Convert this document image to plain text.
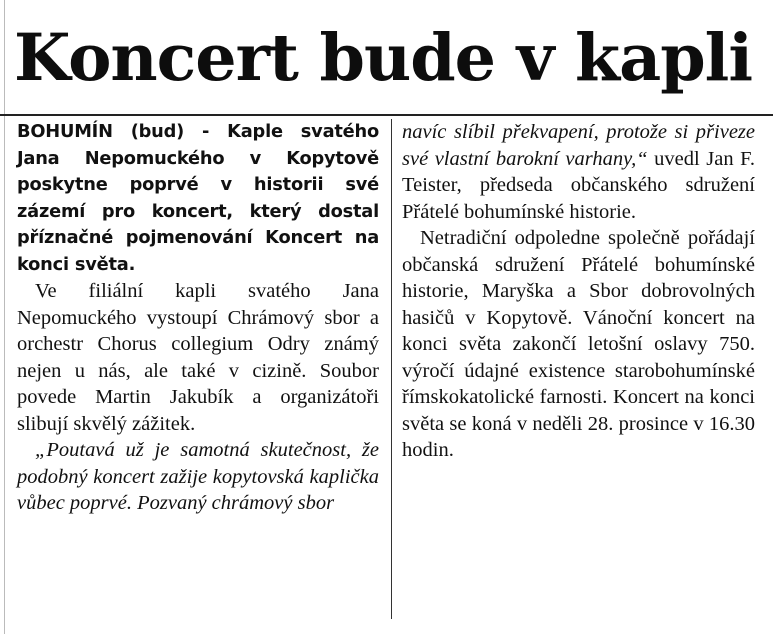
Koncert bude v kapli

BOHUMÍN (bud) - Kaple svatého Jana Nepomuckého v Kopytově poskytne poprvé v historii své zázemí pro koncert, který dostal příznačné pojmenování Koncert na konci světa.

Ve filiální kapli svatého Jana Nepomuckého vystoupí Chrámový sbor a orchestr Chorus collegium Odry známý nejen u nás, ale také v cizině. Soubor povede Martin Jakubík a organizátoři slibují skvělý zážitek.

„Poutavá už je samotná skutečnost, že podobný koncert zažije kopytovská kaplička vůbec poprvé. Pozvaný chrámový sbor

navíc slíbil překvapení, protože si přiveze své vlastní barokní varhany,“ uvedl Jan F. Teister, předseda občanského sdružení Přátelé bohumínské historie.

Netradiční odpoledne společně pořádají občanská sdružení Přátelé bohumínské historie, Maryška a Sbor dobrovolných hasičů v Kopytově. Vánoční koncert na konci světa zakončí letošní oslavy 750. výročí údajné existence starobohumínské římskokatolické farnosti. Koncert na konci světa se koná v neděli 28. prosince v 16.30 hodin.
